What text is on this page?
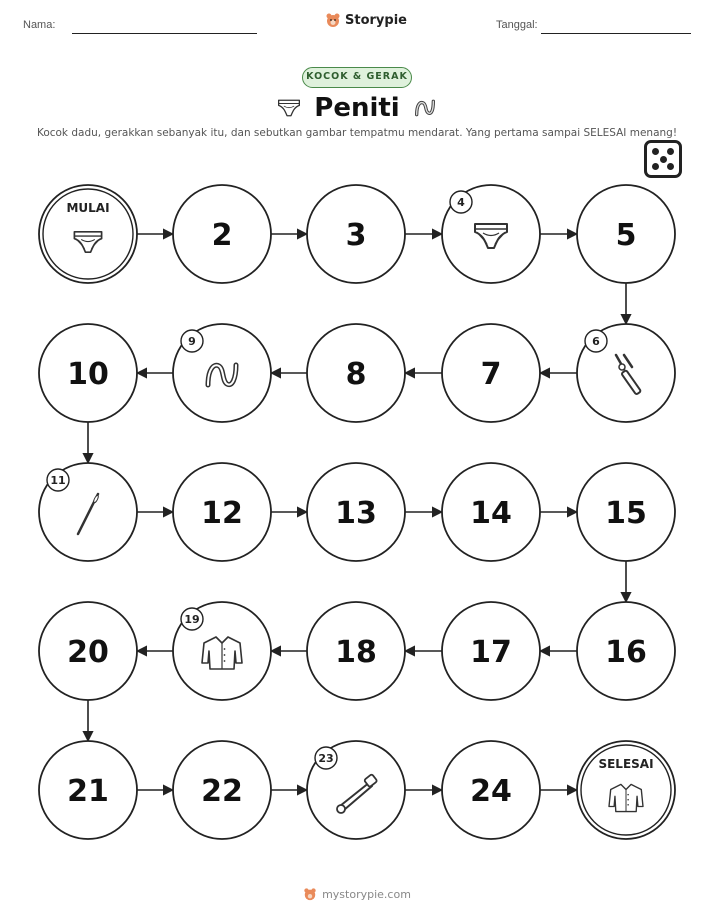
Nama:	Storypie	Tanggal:
KOCOK & GERAK
Peniti
Kocok dadu, gerakkan sebanyak itu, dan sebutkan gambar tempatmu mendarat. Yang pertama sampai SELESAI menang!
MULAI
2	3
4
5
6
7
8
9
10
11
12	13	14	15
16
17
18
19
20
21	22
23
24
SELESAI
mystorypie.com
